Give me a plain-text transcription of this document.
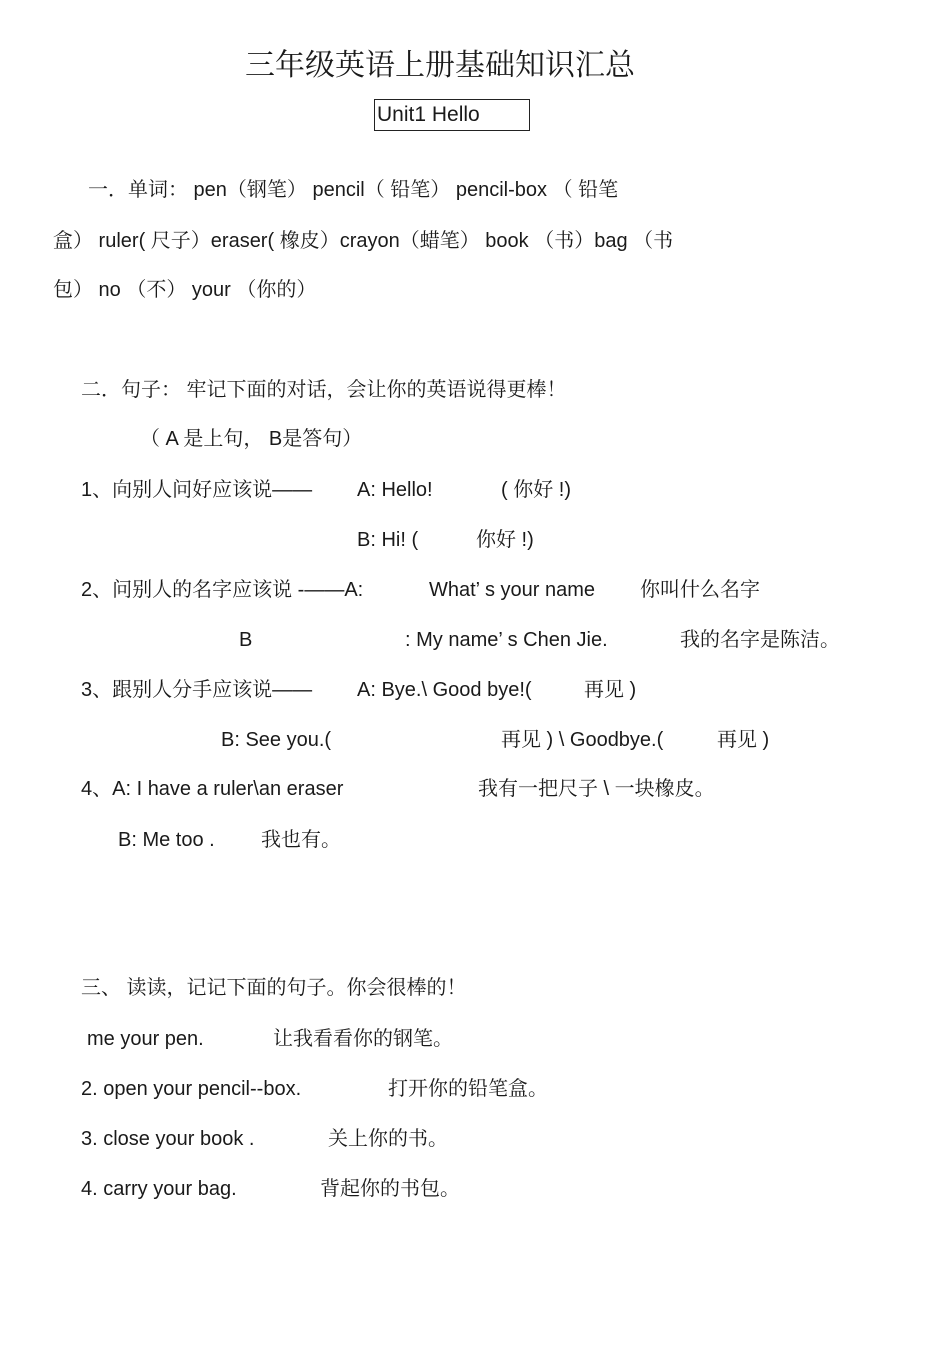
三年级英语上册基础知识汇总
Unit1 Hello
一．单词： pen（钢笔） pencil（ 铅笔） pencil-box （ 铅笔
盒） ruler( 尺子）eraser( 橡皮）crayon（蜡笔） book （书）bag （书
包） no （不） your （你的）
二．句子： 牢记下面的对话，会让你的英语说得更棒！
（ A 是上句， B是答句）
1、向别人问好应该说—— A: Hello!	( 你好 !)
B: Hi! (	你好 !)
2、问别人的名字应该说 -——A:	What’ s your name 你叫什么名字
B	: My name’ s Chen Jie.	我的名字是陈洁。
3、跟别人分手应该说—— A: Bye.\ Good bye!(	再见 )
B: See you.(	再见 ) \ Goodbye.(	再见 )
4、A: I have a ruler\an eraser	我有一把尺子 \ 一块橡皮。
B: Me too . 我也有。
三、 读读，记记下面的句子。你会很棒的！
me your pen.	让我看看你的钢笔。
2. open your pencil--box.	打开你的铅笔盒。
3. close your book .	关上你的书。
4. carry your bag.	背起你的书包。
